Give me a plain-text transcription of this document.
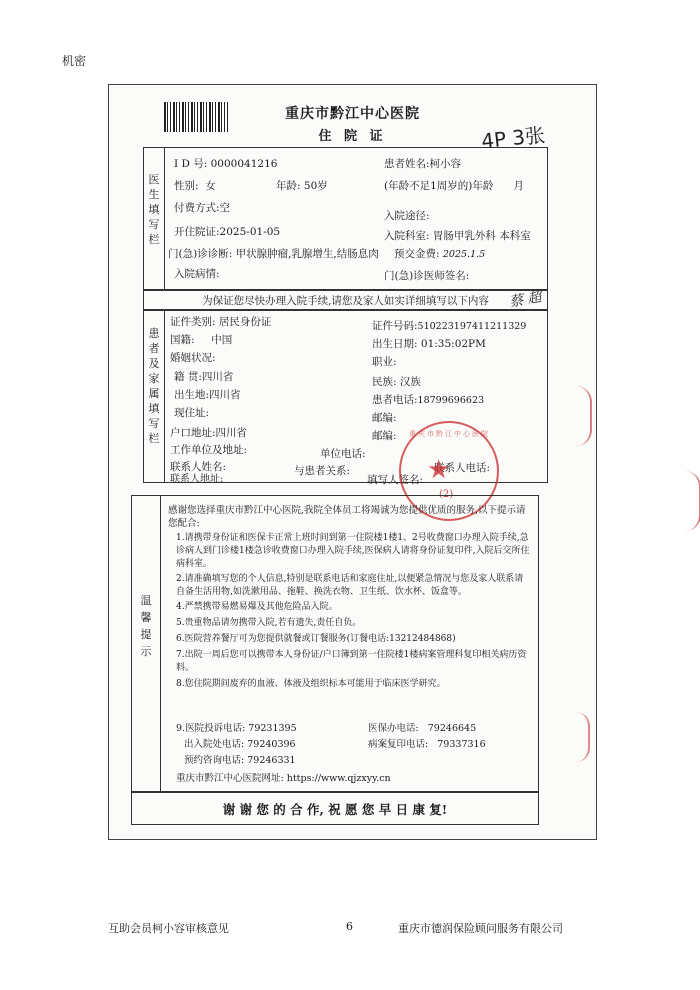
机密
重庆市黔江中心医院
住 院 证	4P 3张
医
生
填
写
栏
I D 号: 0000041216	患者姓名:柯小容
性别: 女	年龄: 50岁	(年龄不足1周岁的)年龄 月
付费方式:空
入院途径:
开住院证:2025-01-05	入院科室: 胃肠甲乳外科 本科室
门(急)诊诊断: 甲状腺肿瘤,乳腺增生,结肠息肉 预交金费: 2025.1.5
入院病情:	门(急)诊医师签名:
蔡 超
为保证您尽快办理入院手续,请您及家人如实详细填写以下内容
患
者
及
家
属
填
写
栏
证件类别: 居民身份证	证件号码:510223197411211329
国籍: 中国	出生日期: 01:35:02PM
婚姻状况:	职业:
籍 贯:四川省	民族: 汉族
出生地:四川省	患者电话:18799696623
现住址:	邮编:
户口地址:四川省	邮编:
工作单位及地址:	单位电话:
联系人姓名:	与患者关系:	联系人电话:
联系人地址:	填写人签名:
重庆市黔江中心医院
★
(2)
温
馨
提
示
感谢您选择重庆市黔江中心医院,我院全体员工将竭诚为您提供优质的服务,以下提示请您配合:
1.请携带身份证和医保卡正常上班时间到第一住院楼1楼1、2号收费窗口办理入院手续,急诊病人到门诊楼1楼急诊收费窗口办理入院手续,医保病人请将身份证复印件,入院后交所住病科室。
2.请准确填写您的个人信息,特别是联系电话和家庭住址,以便紧急情况与您及家人联系请自备生活用物,如洗漱用品、拖鞋、换洗衣物、卫生纸、饮水杯、饭盒等。
4.严禁携带易燃易爆及其他危险品入院。
5.贵重物品请勿携带入院,若有遗失,责任自负。
6.医院营养餐厅可为您提供就餐或订餐服务(订餐电话:13212484868)
7.出院一周后您可以携带本人身份证/户口簿到第一住院楼1楼病案管理科复印相关病历资料。
8.您住院期间废弃的血液、体液及组织标本可能用于临床医学研究。
9.医院投诉电话: 79231395	医保办电话: 79246645
出入院处电话: 79240396	病案复印电话: 79337316
预约咨询电话: 79246331
重庆市黔江中心医院网址: https://www.qjzxyy.cn
谢 谢 您 的 合 作, 祝 愿 您 早 日 康 复!
互助会员柯小容审核意见	6	重庆市德润保险顾问服务有限公司
